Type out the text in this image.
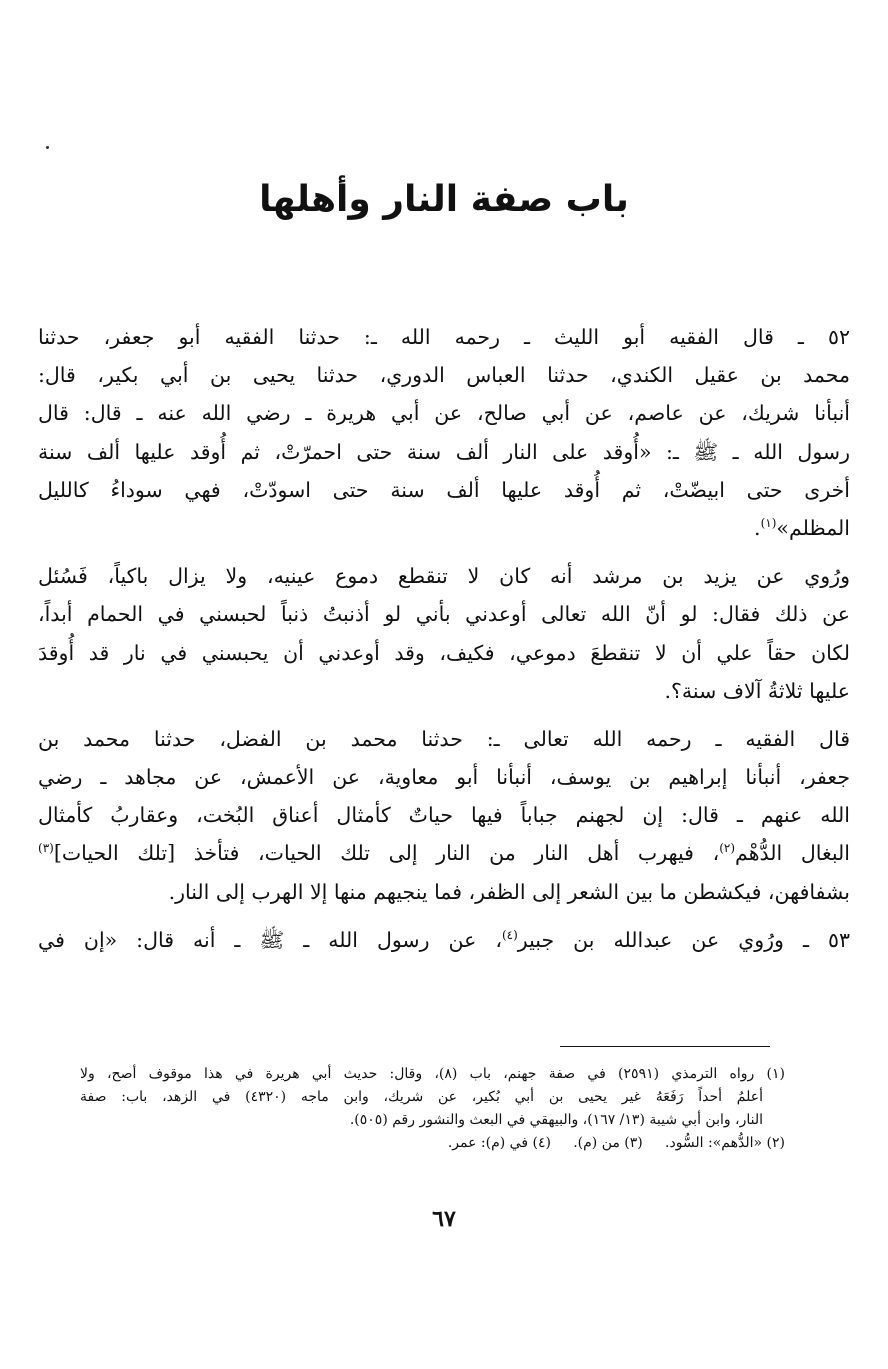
باب صفة النار وأهلها
٥٢ ـ قال الفقيه أبو الليث ـ رحمه الله ـ: حدثنا الفقيه أبو جعفر، حدثنا
محمد بن عقيل الكندي، حدثنا العباس الدوري، حدثنا يحيى بن أبي بكير، قال:
أنبأنا شريك، عن عاصم، عن أبي صالح، عن أبي هريرة ـ رضي الله عنه ـ قال: قال
رسول الله ـ ﷺ ـ: «أُوقد على النار ألف سنة حتى احمرّتْ، ثم أُوقد عليها ألف سنة
أخرى حتى ابيضّتْ، ثم أُوقد عليها ألف سنة حتى اسودّتْ، فهي سوداءُ كالليل
المظلم»$^{(١)}$.
ورُوي عن يزيد بن مرشد أنه كان لا تنقطع دموع عينيه، ولا يزال باكياً، فَسُئل
عن ذلك فقال: لو أنّ الله تعالى أوعدني بأني لو أذنبتُ ذنباً لحبسني في الحمام أبداً،
لكان حقاً علي أن لا تنقطعَ دموعي، فكيف، وقد أوعدني أن يحبسني في نار قد أُوقدَ
عليها ثلاثةُ آلاف سنة؟.
قال الفقيه ـ رحمه الله تعالى ـ: حدثنا محمد بن الفضل، حدثنا محمد بن
جعفر، أنبأنا إبراهيم بن يوسف، أنبأنا أبو معاوية، عن الأعمش، عن مجاهد ـ رضي
الله عنهم ـ قال: إن لجهنم جباباً فيها حياتٌ كأمثال أعناق البُخت، وعقاربُ كأمثال
البغال الدُّهْم$^{(٢)}$، فيهرب أهل النار من النار إلى تلك الحيات، فتأخذ [تلك الحيات]$^{(٣)}$
بشفافهن، فيكشطن ما بين الشعر إلى الظفر، فما ينجيهم منها إلا الهرب إلى النار.
٥٣ ـ ورُوي عن عبدالله بن جبير$^{(٤)}$، عن رسول الله ـ ﷺ ـ أنه قال: «إن في
(١) رواه الترمذي (٢٥٩١) في صفة جهنم، باب (٨)، وقال: حديث أبي هريرة في هذا موقوف أصح، ولا
أعلمُ أحداً رَفَعَهُ غير يحيى بن أبي بُكير، عن شريك، وابن ماجه (٤٣٢٠) في الزهد، باب: صفة
النار، وابن أبي شيبة (١٣/ ١٦٧)، والبيهقي في البعث والنشور رقم (٥٠٥).
(٢) «الدُّهم»: السُّود.     (٣) من (م).     (٤) في (م): عمر.
٦٧
